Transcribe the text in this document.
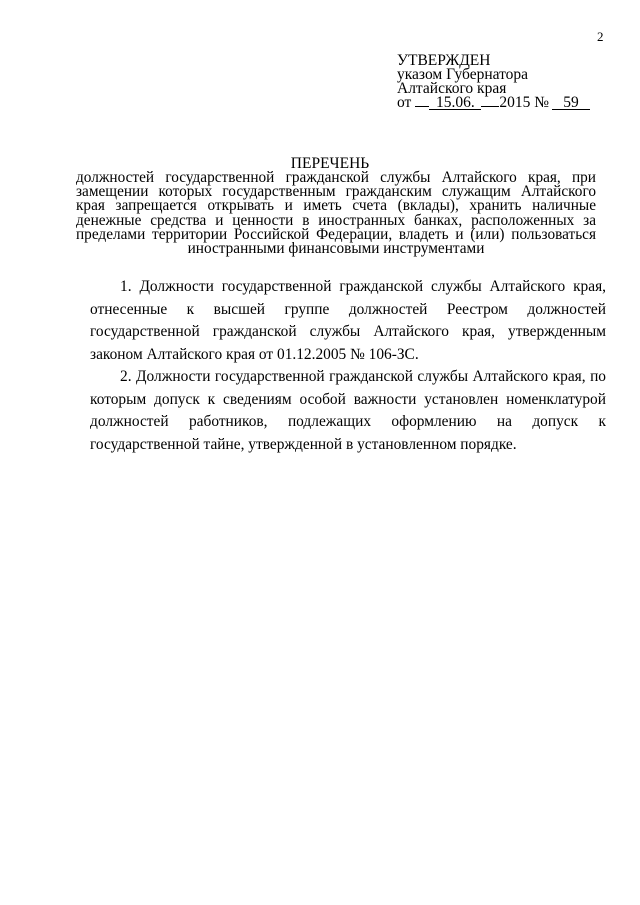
2
УТВЕРЖДЕН
указом Губернатора
Алтайского края
от 15.06. 2015 № 59
ПЕРЕЧЕНЬ
должностей государственной гражданской службы Алтайского края, при замещении которых государственным гражданским служащим Алтайского края запрещается открывать и иметь счета (вклады), хранить наличные денежные средства и ценности в иностранных банках, расположенных за пределами территории Российской Федерации, владеть и (или) пользоваться иностранными финансовыми инструментами

1. Должности государственной гражданской службы Алтайского края, отнесенные к высшей группе должностей Реестром должностей государственной гражданской службы Алтайского края, утвержденным законом Алтайского края от 01.12.2005 № 106-ЗС.

2. Должности государственной гражданской службы Алтайского края, по которым допуск к сведениям особой важности установлен номенклатурой должностей работников, подлежащих оформлению на допуск к государственной тайне, утвержденной в установленном порядке.
